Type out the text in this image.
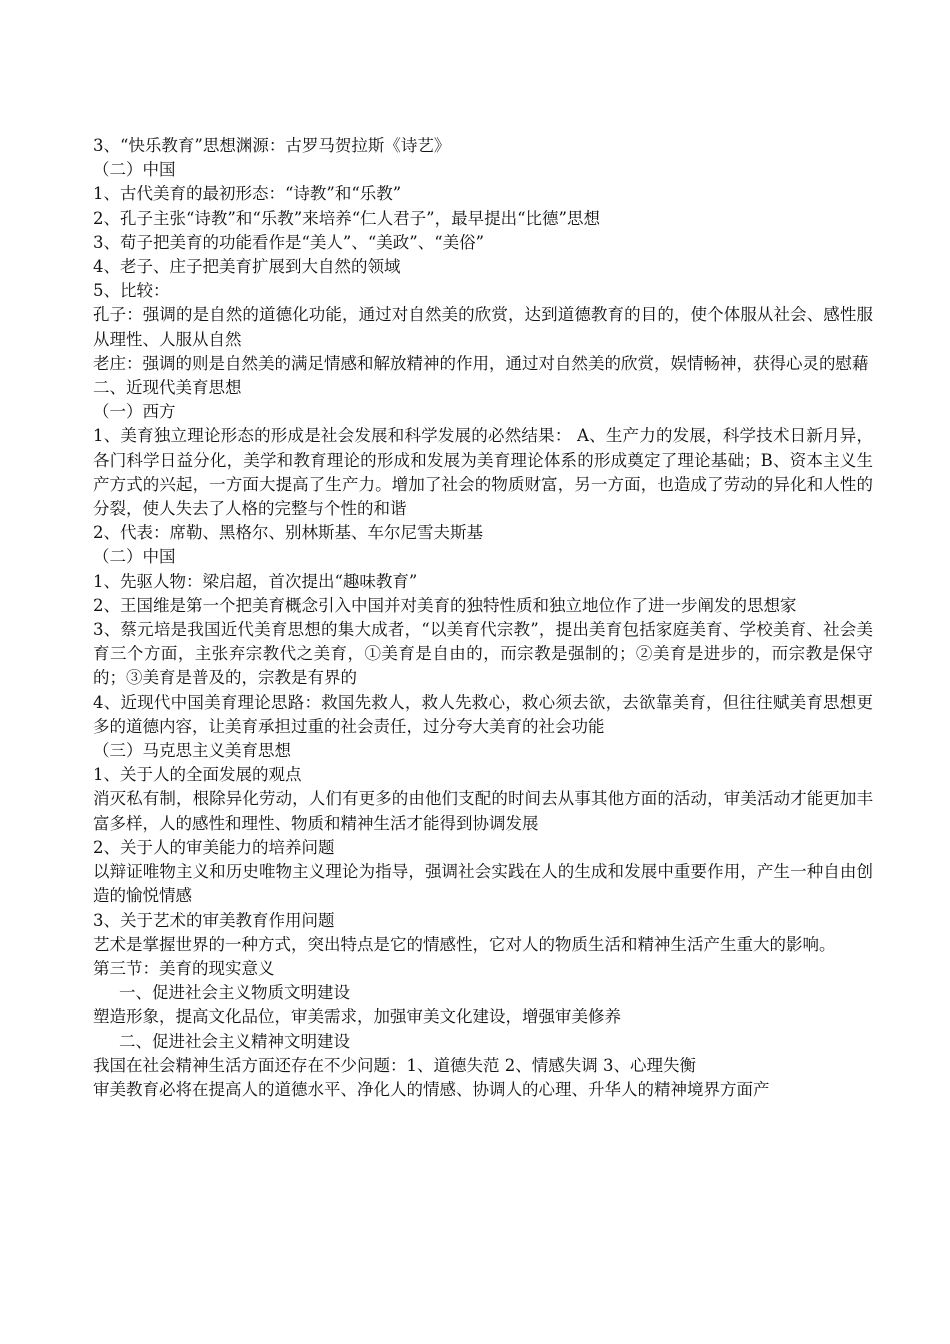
3、“快乐教育”思想渊源：古罗马贺拉斯《诗艺》
（二）中国
1、古代美育的最初形态：“诗教”和“乐教”
2、孔子主张“诗教”和“乐教”来培养“仁人君子”，最早提出“比德”思想
3、荀子把美育的功能看作是“美人”、“美政”、“美俗”
4、老子、庄子把美育扩展到大自然的领域
5、比较：
孔子：强调的是自然的道德化功能，通过对自然美的欣赏，达到道德教育的目的，使个体服从社会、感性服从理性、人服从自然
老庄：强调的则是自然美的满足情感和解放精神的作用，通过对自然美的欣赏，娱情畅神，获得心灵的慰藉
二、近现代美育思想
（一）西方
1、美育独立理论形态的形成是社会发展和科学发展的必然结果： A、生产力的发展，科学技术日新月异，各门科学日益分化，美学和教育理论的形成和发展为美育理论体系的形成奠定了理论基础；B、资本主义生产方式的兴起，一方面大提高了生产力。增加了社会的物质财富，另一方面，也造成了劳动的异化和人性的分裂，使人失去了人格的完整与个性的和谐
2、代表：席勒、黑格尔、别林斯基、车尔尼雪夫斯基
（二）中国
1、先驱人物：梁启超，首次提出“趣味教育”
2、王国维是第一个把美育概念引入中国并对美育的独特性质和独立地位作了进一步阐发的思想家
3、蔡元培是我国近代美育思想的集大成者，“以美育代宗教”，提出美育包括家庭美育、学校美育、社会美育三个方面，主张弃宗教代之美育，①美育是自由的，而宗教是强制的；②美育是进步的，而宗教是保守的；③美育是普及的，宗教是有界的
4、近现代中国美育理论思路：救国先救人，救人先救心，救心须去欲，去欲靠美育，但往往赋美育思想更多的道德内容，让美育承担过重的社会责任，过分夸大美育的社会功能
（三）马克思主义美育思想
1、关于人的全面发展的观点
消灭私有制，根除异化劳动，人们有更多的由他们支配的时间去从事其他方面的活动，审美活动才能更加丰富多样，人的感性和理性、物质和精神生活才能得到协调发展
2、关于人的审美能力的培养问题
以辩证唯物主义和历史唯物主义理论为指导，强调社会实践在人的生成和发展中重要作用，产生一种自由创造的愉悦情感
3、关于艺术的审美教育作用问题
艺术是掌握世界的一种方式，突出特点是它的情感性，它对人的物质生活和精神生活产生重大的影响。
第三节：美育的现实意义
一、促进社会主义物质文明建设
塑造形象，提高文化品位，审美需求，加强审美文化建设，增强审美修养
二、促进社会主义精神文明建设
我国在社会精神生活方面还存在不少问题：1、道德失范 2、情感失调 3、心理失衡
审美教育必将在提高人的道德水平、净化人的情感、协调人的心理、升华人的精神境界方面产
